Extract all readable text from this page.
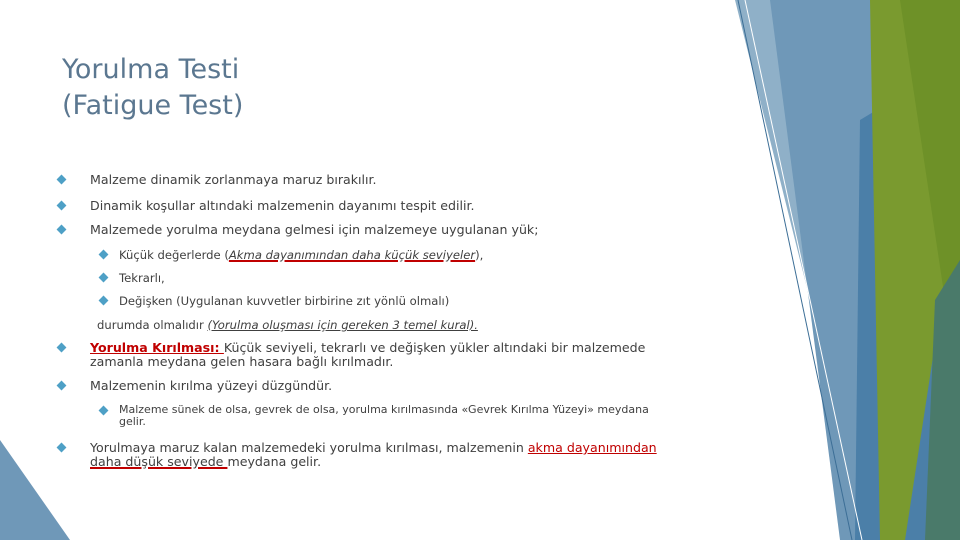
Yorulma Testi
(Fatigue Test)
Malzeme dinamik zorlanmaya maruz bırakılır.
Dinamik koşullar altındaki malzemenin dayanımı tespit edilir.
Malzemede yorulma meydana gelmesi için malzemeye uygulanan yük;
Küçük değerlerde (Akma dayanımından daha küçük seviyeler),
Tekrarlı,
Değişken (Uygulanan kuvvetler birbirine zıt yönlü olmalı)
durumda olmalıdır (Yorulma oluşması için gereken 3 temel kural).
Yorulma Kırılması: Küçük seviyeli, tekrarlı ve değişken yükler altındaki bir malzemede
zamanla meydana gelen hasara bağlı kırılmadır.
Malzemenin kırılma yüzeyi düzgündür.
Malzeme sünek de olsa, gevrek de olsa, yorulma kırılmasında «Gevrek Kırılma Yüzeyi» meydana
gelir.
Yorulmaya maruz kalan malzemedeki yorulma kırılması, malzemenin akma dayanımından
daha düşük seviyede meydana gelir.
